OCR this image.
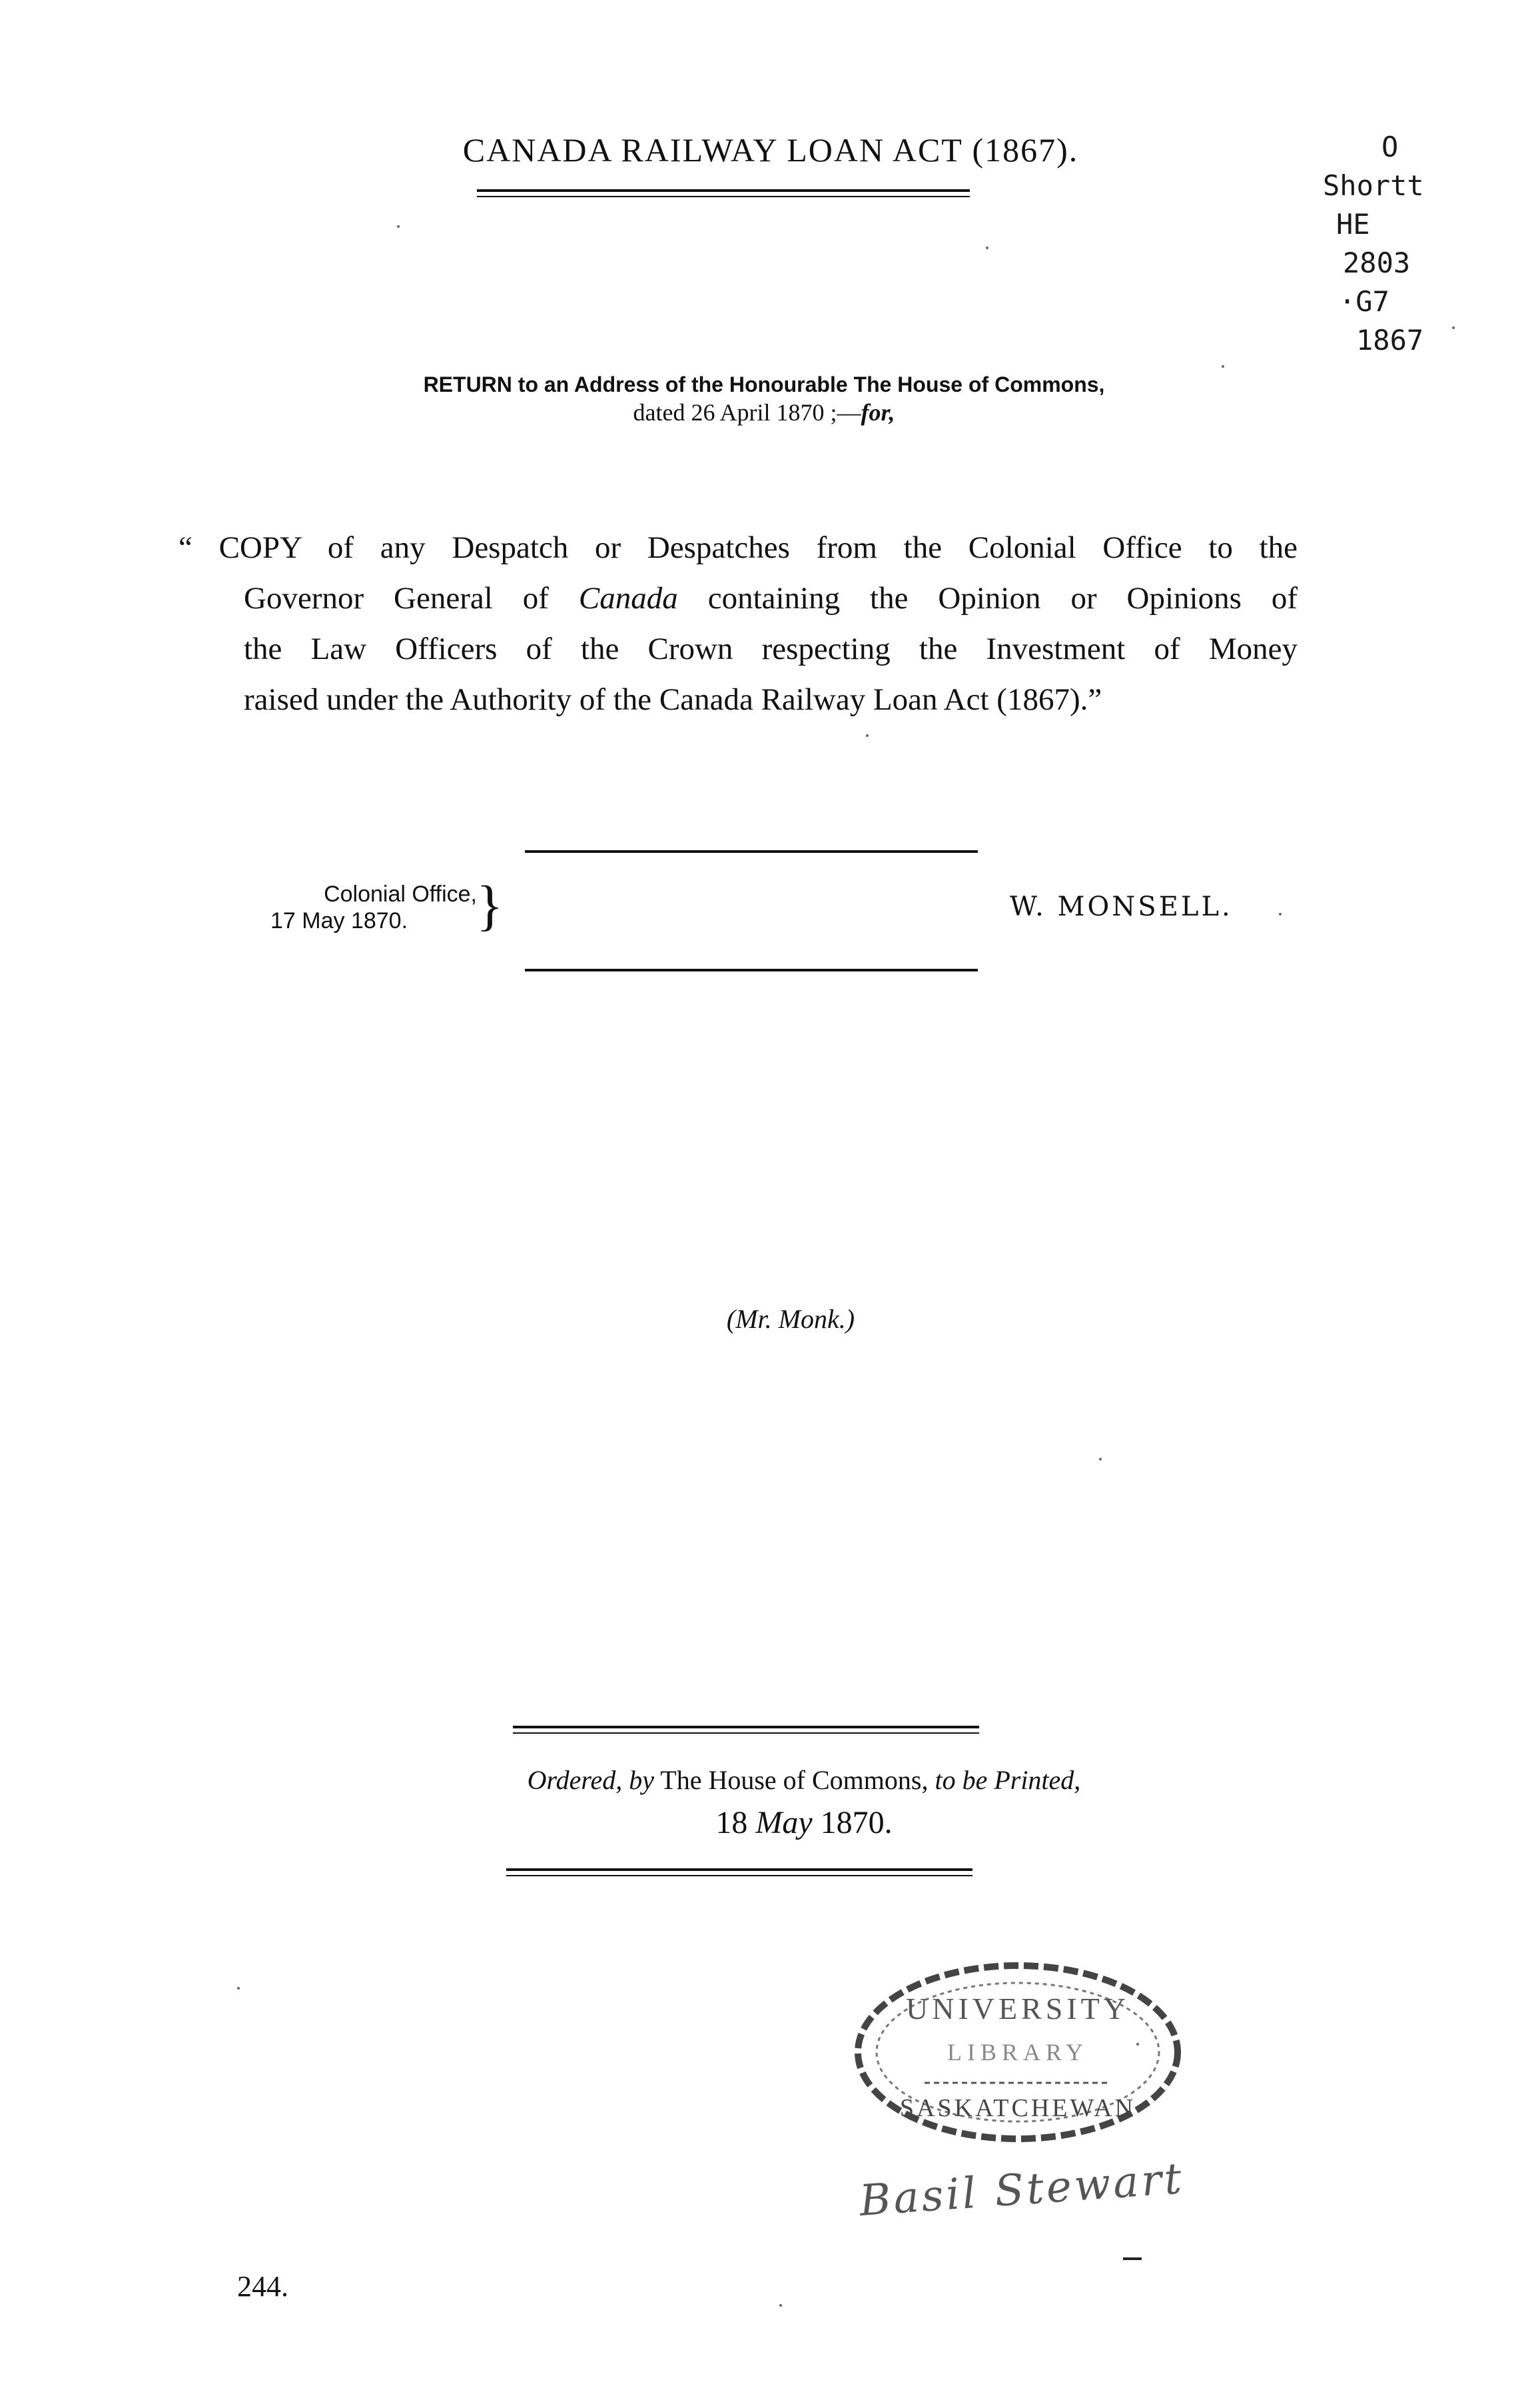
CANADA RAILWAY LOAN ACT (1867).	O
Shortt
HE
2803
·G7
1867
RETURN to an Address of the Honourable The House of Commons,
dated 26 April 1870 ;—for,
“ COPY of any Despatch or Despatches from the Colonial Office to the
Governor General of Canada containing the Opinion or Opinions of
the Law Officers of the Crown respecting the Investment of Money
raised under the Authority of the Canada Railway Loan Act (1867).”
Colonial Office,
17 May 1870.	}	W. MONSELL.
(Mr. Monk.)
Ordered, by The House of Commons, to be Printed,
18 May 1870.
UNIVERSITY
LIBRARY
SASKATCHEWAN
Basil Stewart
244.
